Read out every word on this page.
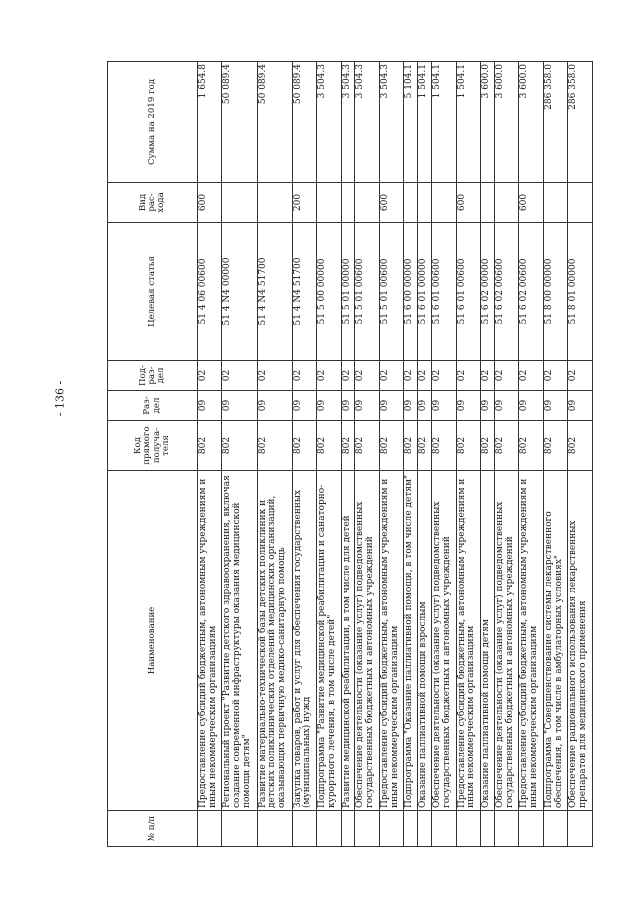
- 136 -
№ п/п	Наименование	Код прямого получа-теля	Раз-дел	Под-раз-дел	Целевая статья	Вид рас-хода	Сумма на 2019 год
	Предоставление субсидий бюджетным, автономным учреждениям и иным некоммерческим организациям	802	09	02	51 4 06 00600	600	1 654.8
	Региональный проект "Развитие детского здравоохранения, включая создание современной инфраструктуры оказания медицинской помощи детям"	802	09	02	51 4 N4 00000		50 089.4
	Развитие материально-технической базы детских поликлиник и детских поликлинических отделений медицинских организаций, оказывающих первичную медико-санитарную помощь	802	09	02	51 4 N4 51700		50 089.4
	Закупка товаров, работ и услуг для обеспечения государственных (муниципальных) нужд	802	09	02	51 4 N4 51700	200	50 089.4
	Подпрограмма "Развитие медицинской реабилитации и санаторно-курортного лечения, в том числе детей"	802	09	02	51 5 00 00000		3 504.3
	Развитие медицинской реабилитации, в том числе для детей	802	09	02	51 5 01 00000		3 504.3
	Обеспечение деятельности (оказание услуг) подведомственных государственных бюджетных и автономных учреждений	802	09	02	51 5 01 00600		3 504.3
	Предоставление субсидий бюджетным, автономным учреждениям и иным некоммерческим организациям	802	09	02	51 5 01 00600	600	3 504.3
	Подпрограмма "Оказание паллиативной помощи, в том числе детям"	802	09	02	51 6 00 00000		5 104.1
	Оказание паллиативной помощи взрослым	802	09	02	51 6 01 00000		1 504.1
	Обеспечение деятельности (оказание услуг) подведомственных государственных бюджетных и автономных учреждений	802	09	02	51 6 01 00600		1 504.1
	Предоставление субсидий бюджетным, автономным учреждениям и иным некоммерческим организациям	802	09	02	51 6 01 00600	600	1 504.1
	Оказание паллиативной помощи детям	802	09	02	51 6 02 00000		3 600.0
	Обеспечение деятельности (оказание услуг) подведомственных государственных бюджетных и автономных учреждений	802	09	02	51 6 02 00600		3 600.0
	Предоставление субсидий бюджетным, автономным учреждениям и иным некоммерческим организациям	802	09	02	51 6 02 00600	600	3 600.0
	Подпрограмма "Совершенствование системы лекарственного обеспечения, в том числе в амбулаторных условиях"	802	09	02	51 8 00 00000		286 358.0
	Обеспечение рационального использования лекарственных препаратов для медицинского применения	802	09	02	51 8 01 00000		286 358.0
